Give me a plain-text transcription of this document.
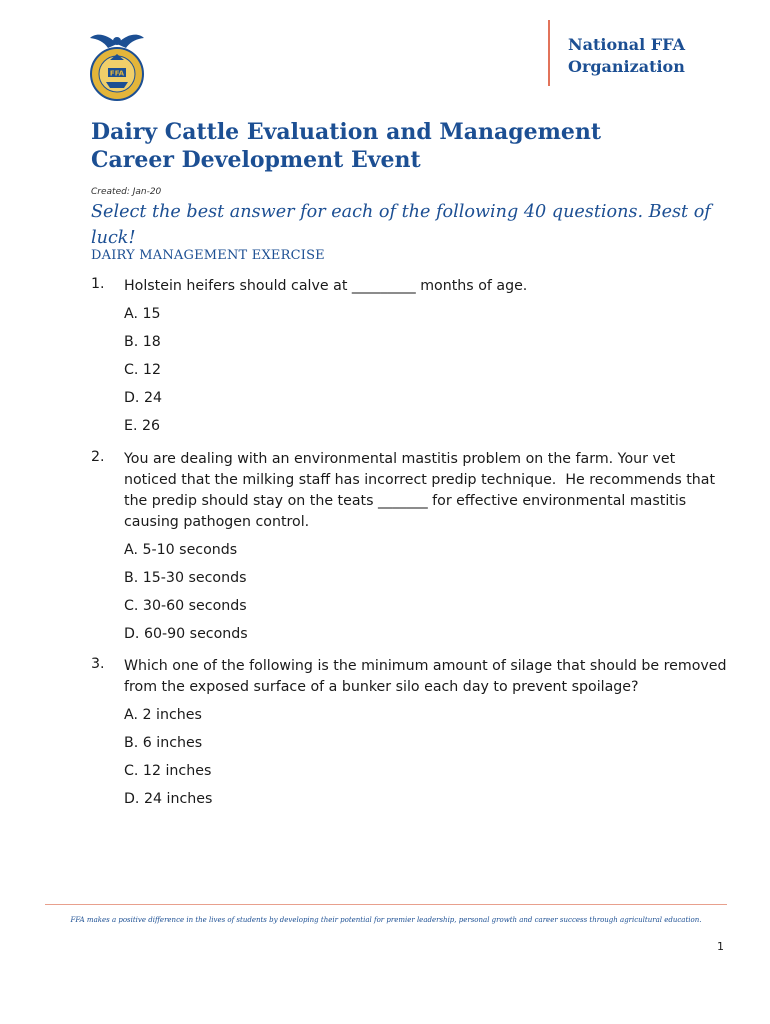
FFA
National FFA
Organization
Dairy Cattle Evaluation and Management
Career Development Event
Created: Jan-20
Select the best answer for each of the following 40 questions. Best of luck!
DAIRY MANAGEMENT EXERCISE
1. Holstein heifers should calve at _________ months of age.
A. 15
B. 18
C. 12
D. 24
E. 26
2. You are dealing with an environmental mastitis problem on the farm. Your vet noticed that the milking staff has incorrect predip technique.  He recommends that the predip should stay on the teats _______ for effective environmental mastitis causing pathogen control.
A. 5-10 seconds
B. 15-30 seconds
C. 30-60 seconds
D. 60-90 seconds
3. Which one of the following is the minimum amount of silage that should be removed from the exposed surface of a bunker silo each day to prevent spoilage?
A. 2 inches
B. 6 inches
C. 12 inches
D. 24 inches
FFA makes a positive difference in the lives of students by developing their potential for premier leadership, personal growth and career success through agricultural education.
1
